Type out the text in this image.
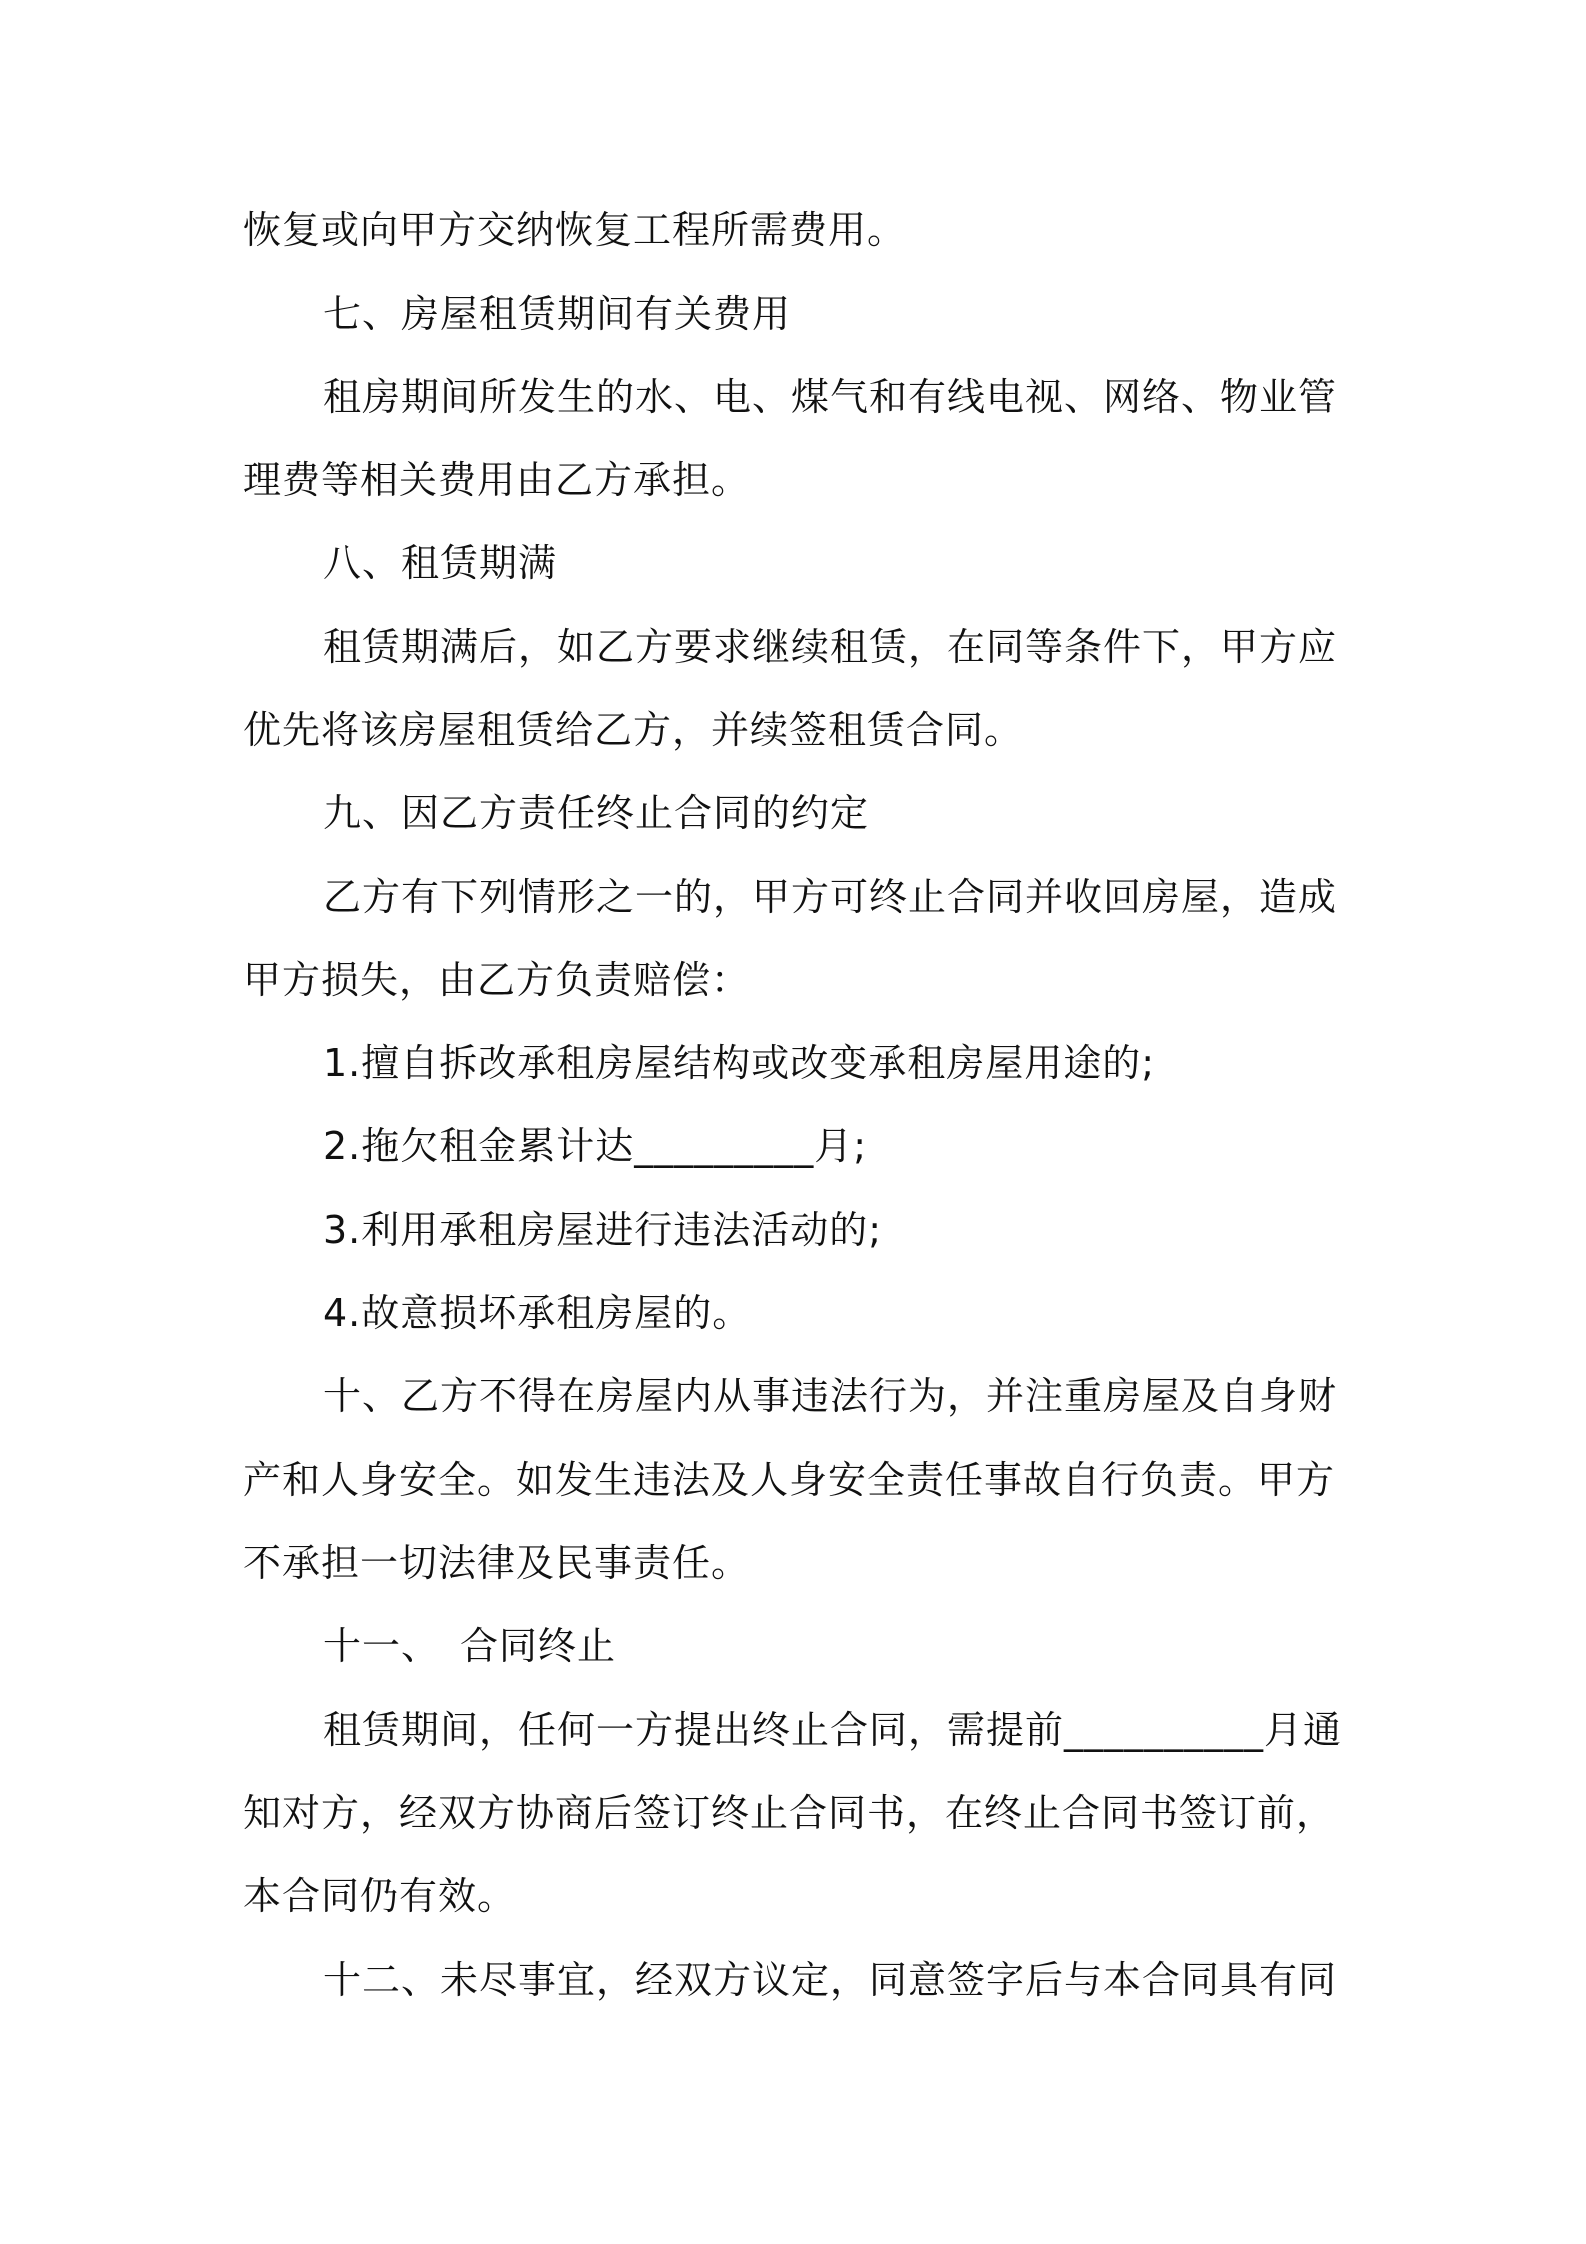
恢复或向甲方交纳恢复工程所需费用。
七、房屋租赁期间有关费用
租房期间所发生的水、电、煤气和有线电视、网络、物业管
理费等相关费用由乙方承担。
八、租赁期满
租赁期满后，如乙方要求继续租赁，在同等条件下，甲方应
优先将该房屋租赁给乙方，并续签租赁合同。
九、因乙方责任终止合同的约定
乙方有下列情形之一的，甲方可终止合同并收回房屋，造成
甲方损失，由乙方负责赔偿：
1.擅自拆改承租房屋结构或改变承租房屋用途的;
2.拖欠租金累计达_________月;
3.利用承租房屋进行违法活动的;
4.故意损坏承租房屋的。
十、乙方不得在房屋内从事违法行为，并注重房屋及自身财
产和人身安全。如发生违法及人身安全责任事故自行负责。甲方
不承担一切法律及民事责任。
十一、　合同终止
租赁期间，任何一方提出终止合同，需提前__________月通
知对方，经双方协商后签订终止合同书，在终止合同书签订前，
本合同仍有效。
十二、未尽事宜，经双方议定，同意签字后与本合同具有同
